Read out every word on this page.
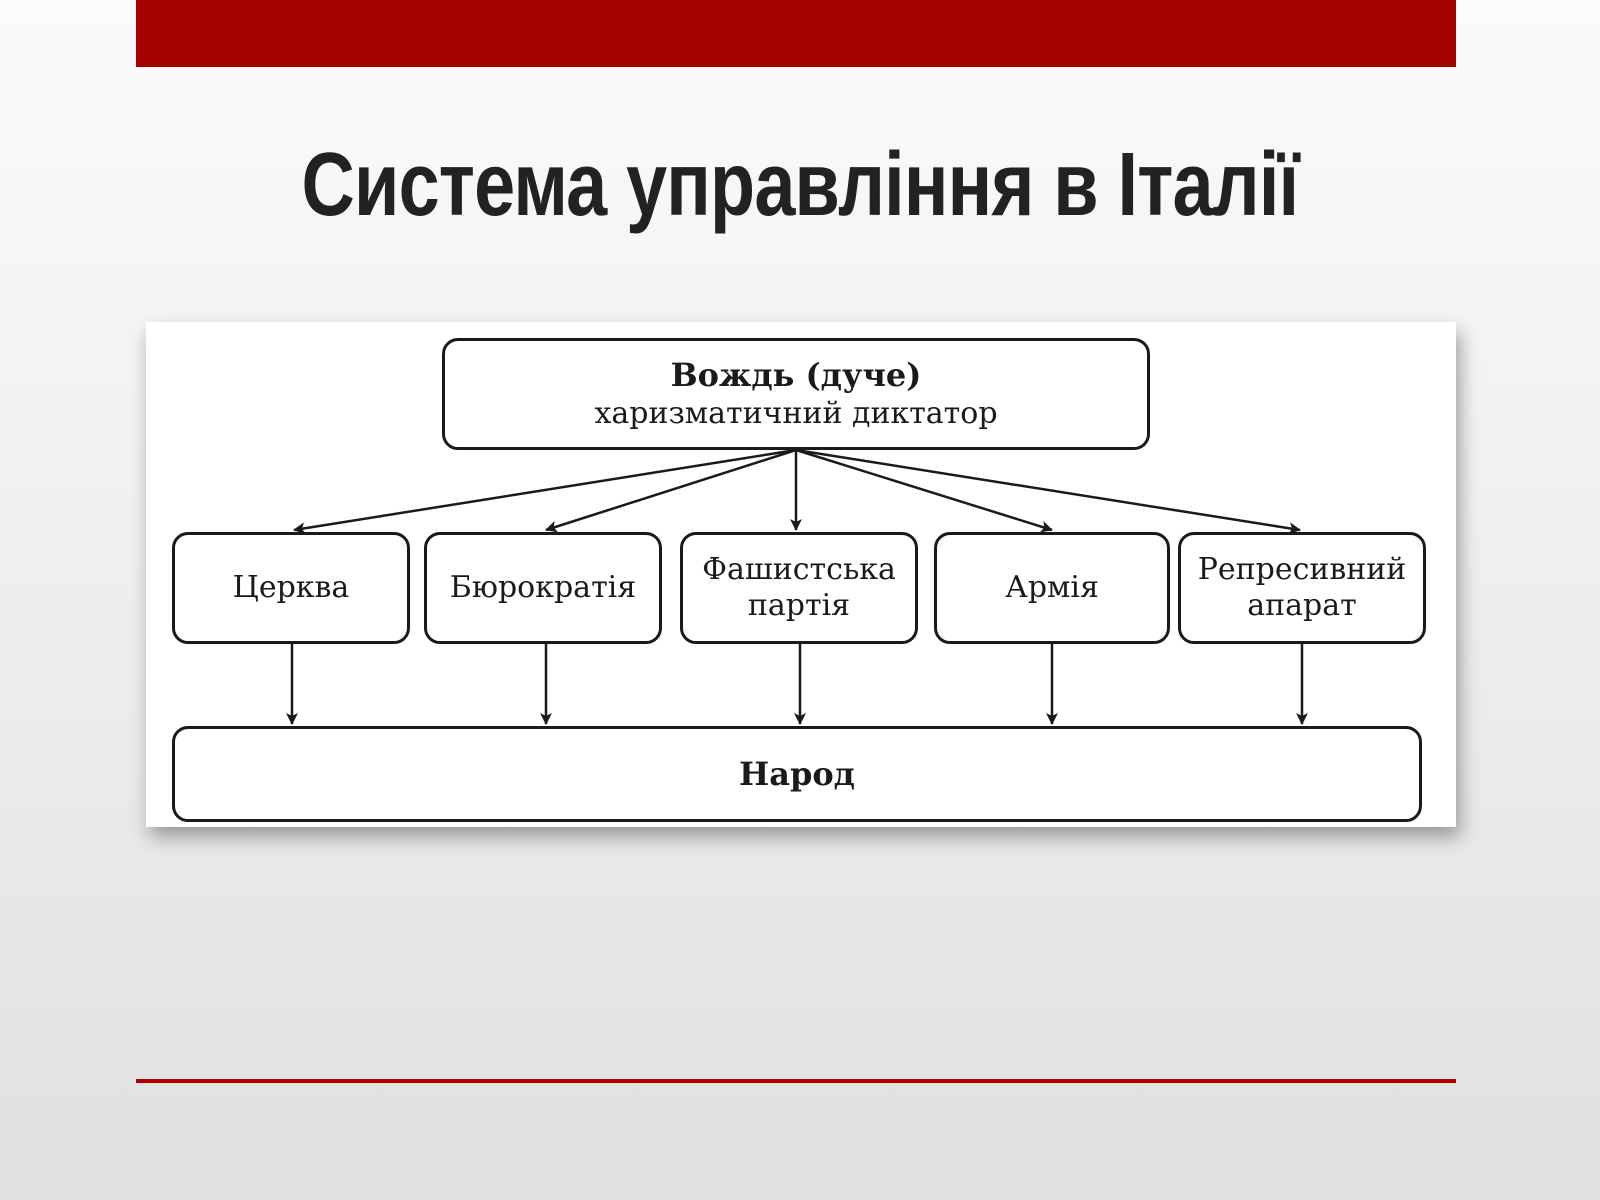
Система управління в Італії
Вождь (дуче)
харизматичний диктатор
Церква	Бюрократія
Фашистська
партія
Армія
Репресивний
апарат
Народ
